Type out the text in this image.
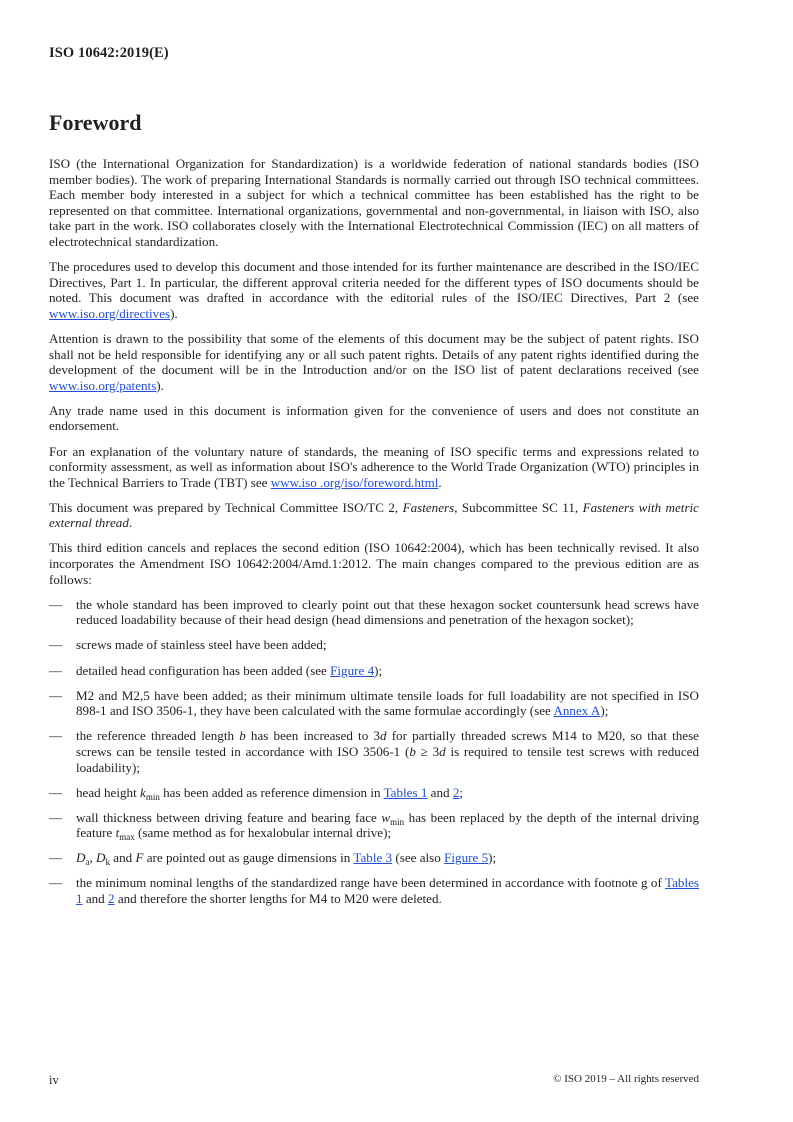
ISO 10642:2019(E)
Foreword

ISO (the International Organization for Standardization) is a worldwide federation of national standards bodies (ISO member bodies). The work of preparing International Standards is normally carried out through ISO technical committees. Each member body interested in a subject for which a technical committee has been established has the right to be represented on that committee. International organizations, governmental and non-governmental, in liaison with ISO, also take part in the work. ISO collaborates closely with the International Electrotechnical Commission (IEC) on all matters of electrotechnical standardization.

The procedures used to develop this document and those intended for its further maintenance are described in the ISO/IEC Directives, Part 1. In particular, the different approval criteria needed for the different types of ISO documents should be noted. This document was drafted in accordance with the editorial rules of the ISO/IEC Directives, Part 2 (see www.iso.org/directives).

Attention is drawn to the possibility that some of the elements of this document may be the subject of patent rights. ISO shall not be held responsible for identifying any or all such patent rights. Details of any patent rights identified during the development of the document will be in the Introduction and/or on the ISO list of patent declarations received (see www.iso.org/patents).

Any trade name used in this document is information given for the convenience of users and does not constitute an endorsement.

For an explanation of the voluntary nature of standards, the meaning of ISO specific terms and expressions related to conformity assessment, as well as information about ISO's adherence to the World Trade Organization (WTO) principles in the Technical Barriers to Trade (TBT) see www.iso .org/iso/foreword.html.

This document was prepared by Technical Committee ISO/TC 2, Fasteners, Subcommittee SC 11, Fasteners with metric external thread.

This third edition cancels and replaces the second edition (ISO 10642:2004), which has been technically revised. It also incorporates the Amendment ISO 10642:2004/Amd.1:2012. The main changes compared to the previous edition are as follows:

— the whole standard has been improved to clearly point out that these hexagon socket countersunk head screws have reduced loadability because of their head design (head dimensions and penetration of the hexagon socket);
— screws made of stainless steel have been added;
— detailed head configuration has been added (see Figure 4);
— M2 and M2,5 have been added; as their minimum ultimate tensile loads for full loadability are not specified in ISO 898-1 and ISO 3506-1, they have been calculated with the same formulae accordingly (see Annex A);
— the reference threaded length b has been increased to 3d for partially threaded screws M14 to M20, so that these screws can be tensile tested in accordance with ISO 3506-1 (b ≥ 3d is required to tensile test screws with reduced loadability);
— head height $k_{min}$ has been added as reference dimension in Tables 1 and 2;
— wall thickness between driving feature and bearing face $w_{min}$ has been replaced by the depth of the internal driving feature $t_{max}$ (same method as for hexalobular internal drive);
— $D_a$, $D_k$ and F are pointed out as gauge dimensions in Table 3 (see also Figure 5);
— the minimum nominal lengths of the standardized range have been determined in accordance with footnote g of Tables 1 and 2 and therefore the shorter lengths for M4 to M20 were deleted.
iv	© ISO 2019 – All rights reserved
